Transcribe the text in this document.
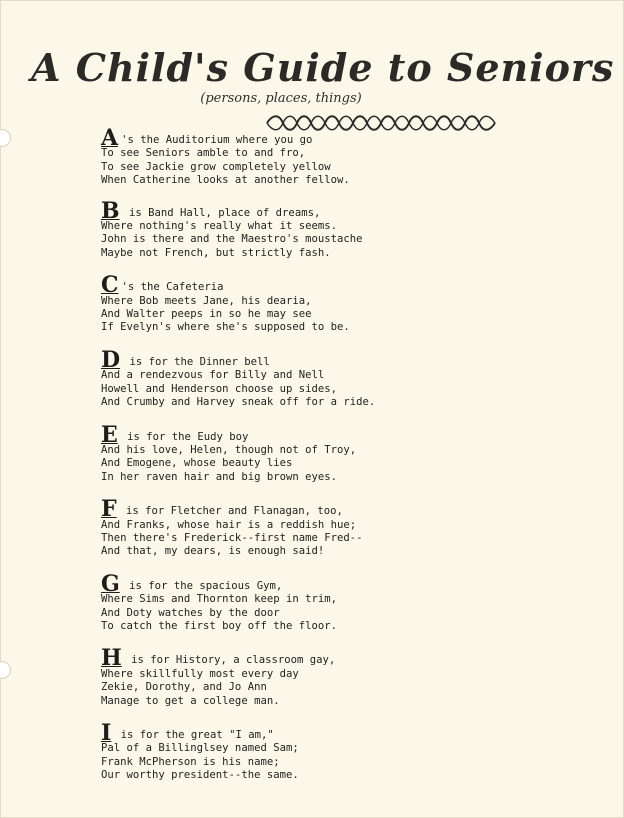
A Child's Guide to Seniors
(persons, places, things)
A 's the Auditorium where you go
To see Seniors amble to and fro,
To see Jackie grow completely yellow
When Catherine looks at another fellow.
B is Band Hall, place of dreams,
Where nothing's really what it seems.
John is there and the Maestro's moustache
Maybe not French, but strictly fash.
C 's the Cafeteria
Where Bob meets Jane, his dearia,
And Walter peeps in so he may see
If Evelyn's where she's supposed to be.
D is for the Dinner bell
And a rendezvous for Billy and Nell
Howell and Henderson choose up sides,
And Crumby and Harvey sneak off for a ride.
E is for the Eudy boy
And his love, Helen, though not of Troy,
And Emogene, whose beauty lies
In her raven hair and big brown eyes.
F is for Fletcher and Flanagan, too,
And Franks, whose hair is a reddish hue;
Then there's Frederick--first name Fred--
And that, my dears, is enough said!
G is for the spacious Gym,
Where Sims and Thornton keep in trim,
And Doty watches by the door
To catch the first boy off the floor.
H is for History, a classroom gay,
Where skillfully most every day
Zekie, Dorothy, and Jo Ann
Manage to get a college man.
I is for the great "I am,"
Pal of a Billinglsey named Sam;
Frank McPherson is his name;
Our worthy president--the same.
